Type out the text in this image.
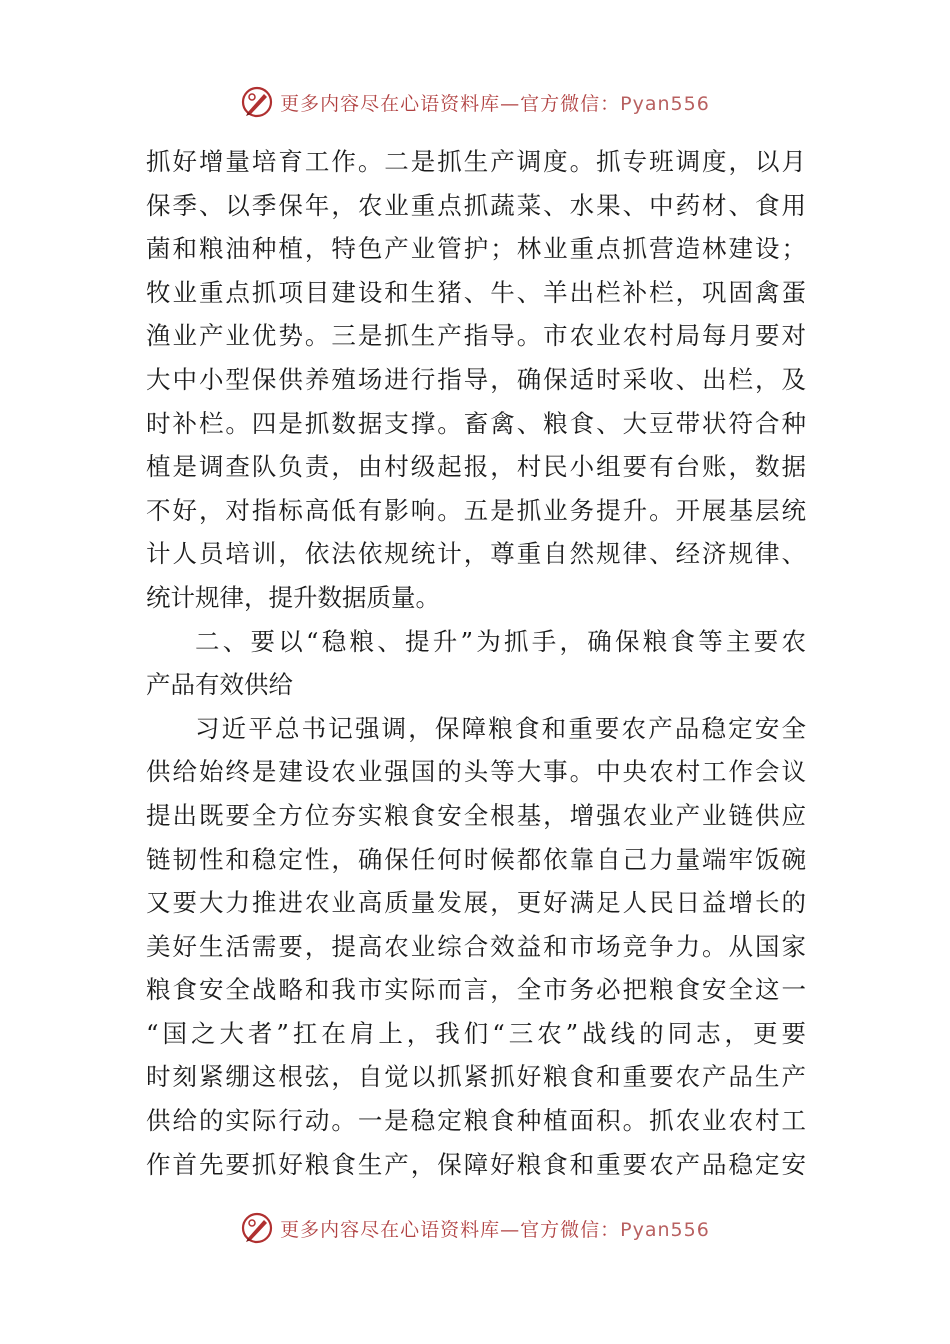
更多内容尽在心语资料库—官方微信：Pyan556
抓好增量培育工作。二是抓生产调度。抓专班调度，以月
保季、以季保年，农业重点抓蔬菜、水果、中药材、食用
菌和粮油种植，特色产业管护；林业重点抓营造林建设；
牧业重点抓项目建设和生猪、牛、羊出栏补栏，巩固禽蛋
渔业产业优势。三是抓生产指导。市农业农村局每月要对
大中小型保供养殖场进行指导，确保适时采收、出栏，及
时补栏。四是抓数据支撑。畜禽、粮食、大豆带状符合种
植是调查队负责，由村级起报，村民小组要有台账，数据
不好，对指标高低有影响。五是抓业务提升。开展基层统
计人员培训，依法依规统计，尊重自然规律、经济规律、
统计规律，提升数据质量。
二、要以“稳粮、提升”为抓手，确保粮食等主要农
产品有效供给
习近平总书记强调，保障粮食和重要农产品稳定安全
供给始终是建设农业强国的头等大事。中央农村工作会议
提出既要全方位夯实粮食安全根基，增强农业产业链供应
链韧性和稳定性，确保任何时候都依靠自己力量端牢饭碗
又要大力推进农业高质量发展，更好满足人民日益增长的
美好生活需要，提高农业综合效益和市场竞争力。从国家
粮食安全战略和我市实际而言，全市务必把粮食安全这一
“国之大者”扛在肩上，我们“三农”战线的同志，更要
时刻紧绷这根弦，自觉以抓紧抓好粮食和重要农产品生产
供给的实际行动。一是稳定粮食种植面积。抓农业农村工
作首先要抓好粮食生产，保障好粮食和重要农产品稳定安
更多内容尽在心语资料库—官方微信：Pyan556
